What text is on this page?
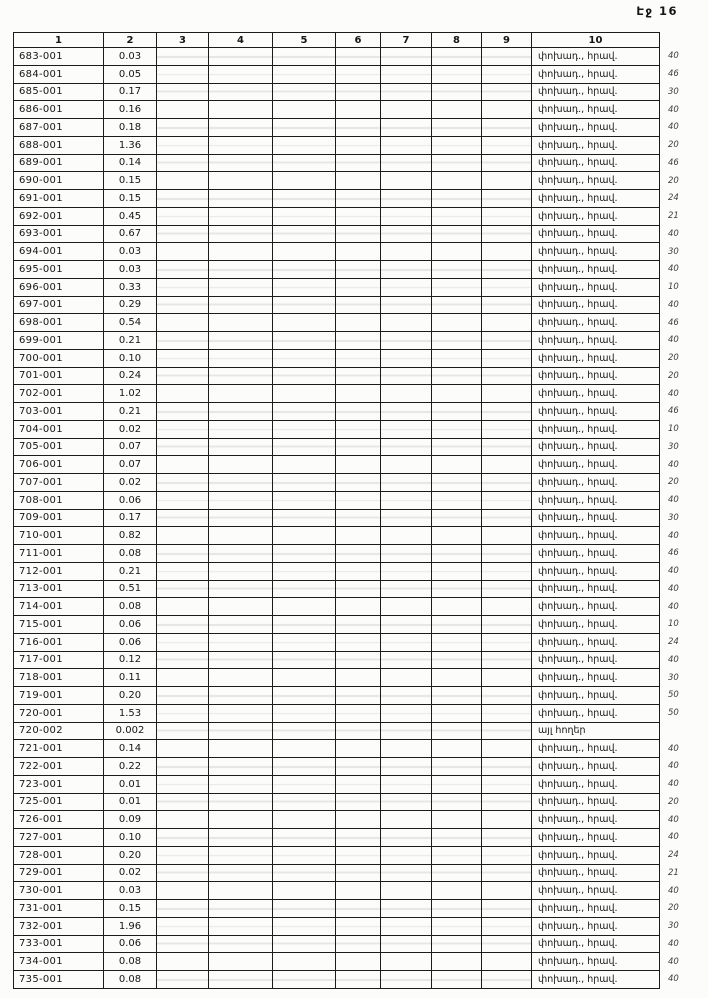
Էջ 16
1	2	3	4	5	6	7	8	9	10	
683-001	0.03								փոխադ., հրավ.	40
684-001	0.05								փոխադ., հրավ.	46
685-001	0.17								փոխադ., հրավ.	30
686-001	0.16								փոխադ., հրավ.	40
687-001	0.18								փոխադ., հրավ.	40
688-001	1.36								փոխադ., հրավ.	20
689-001	0.14								փոխադ., հրավ.	46
690-001	0.15								փոխադ., հրավ.	20
691-001	0.15								փոխադ., հրավ.	24
692-001	0.45								փոխադ., հրավ.	21
693-001	0.67								փոխադ., հրավ.	40
694-001	0.03								փոխադ., հրավ.	30
695-001	0.03								փոխադ., հրավ.	40
696-001	0.33								փոխադ., հրավ.	10
697-001	0.29								փոխադ., հրավ.	40
698-001	0.54								փոխադ., հրավ.	46
699-001	0.21								փոխադ., հրավ.	40
700-001	0.10								փոխադ., հրավ.	20
701-001	0.24								փոխադ., հրավ.	20
702-001	1.02								փոխադ., հրավ.	40
703-001	0.21								փոխադ., հրավ.	46
704-001	0.02								փոխադ., հրավ.	10
705-001	0.07								փոխադ., հրավ.	30
706-001	0.07								փոխադ., հրավ.	40
707-001	0.02								փոխադ., հրավ.	20
708-001	0.06								փոխադ., հրավ.	40
709-001	0.17								փոխադ., հրավ.	30
710-001	0.82								փոխադ., հրավ.	40
711-001	0.08								փոխադ., հրավ.	46
712-001	0.21								փոխադ., հրավ.	40
713-001	0.51								փոխադ., հրավ.	40
714-001	0.08								փոխադ., հրավ.	40
715-001	0.06								փոխադ., հրավ.	10
716-001	0.06								փոխադ., հրավ.	24
717-001	0.12								փոխադ., հրավ.	40
718-001	0.11								փոխադ., հրավ.	30
719-001	0.20								փոխադ., հրավ.	50
720-001	1.53								փոխադ., հրավ.	50
720-002	0.002								այլ հողեր	
721-001	0.14								փոխադ., հրավ.	40
722-001	0.22								փոխադ., հրավ.	40
723-001	0.01								փոխադ., հրավ.	40
725-001	0.01								փոխադ., հրավ.	20
726-001	0.09								փոխադ., հրավ.	40
727-001	0.10								փոխադ., հրավ.	40
728-001	0.20								փոխադ., հրավ.	24
729-001	0.02								փոխադ., հրավ.	21
730-001	0.03								փոխադ., հրավ.	40
731-001	0.15								փոխադ., հրավ.	20
732-001	1.96								փոխադ., հրավ.	30
733-001	0.06								փոխադ., հրավ.	40
734-001	0.08								փոխադ., հրավ.	40
735-001	0.08								փոխադ., հրավ.	40
